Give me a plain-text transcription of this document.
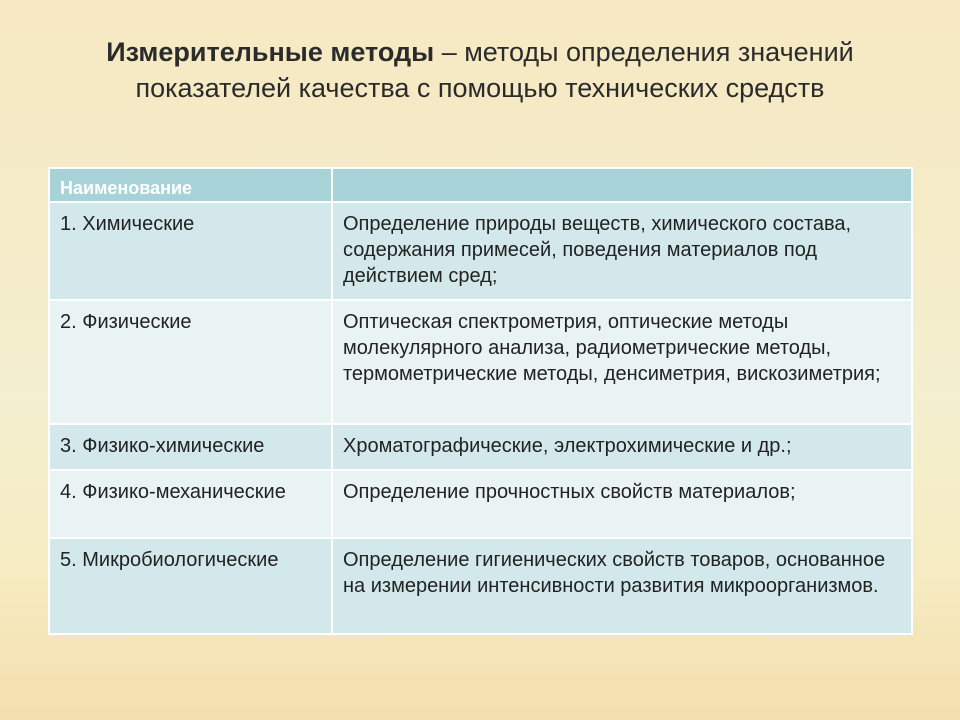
Измерительные методы – методы определения значений показателей качества с помощью технических средств
Наименование	
1. Химические	Определение природы веществ, химического состава, содержания примесей, поведения материалов под действием сред;
2. Физические	Оптическая спектрометрия, оптические методы молекулярного анализа, радиометрические методы, термометрические методы, денсиметрия, вискозиметрия;
3. Физико-химические	Хроматографические, электрохимические и др.;
4. Физико-механические	Определение прочностных свойств материалов;
5. Микробиологические	Определение гигиенических свойств товаров, основанное на измерении интенсивности развития микроорганизмов.
